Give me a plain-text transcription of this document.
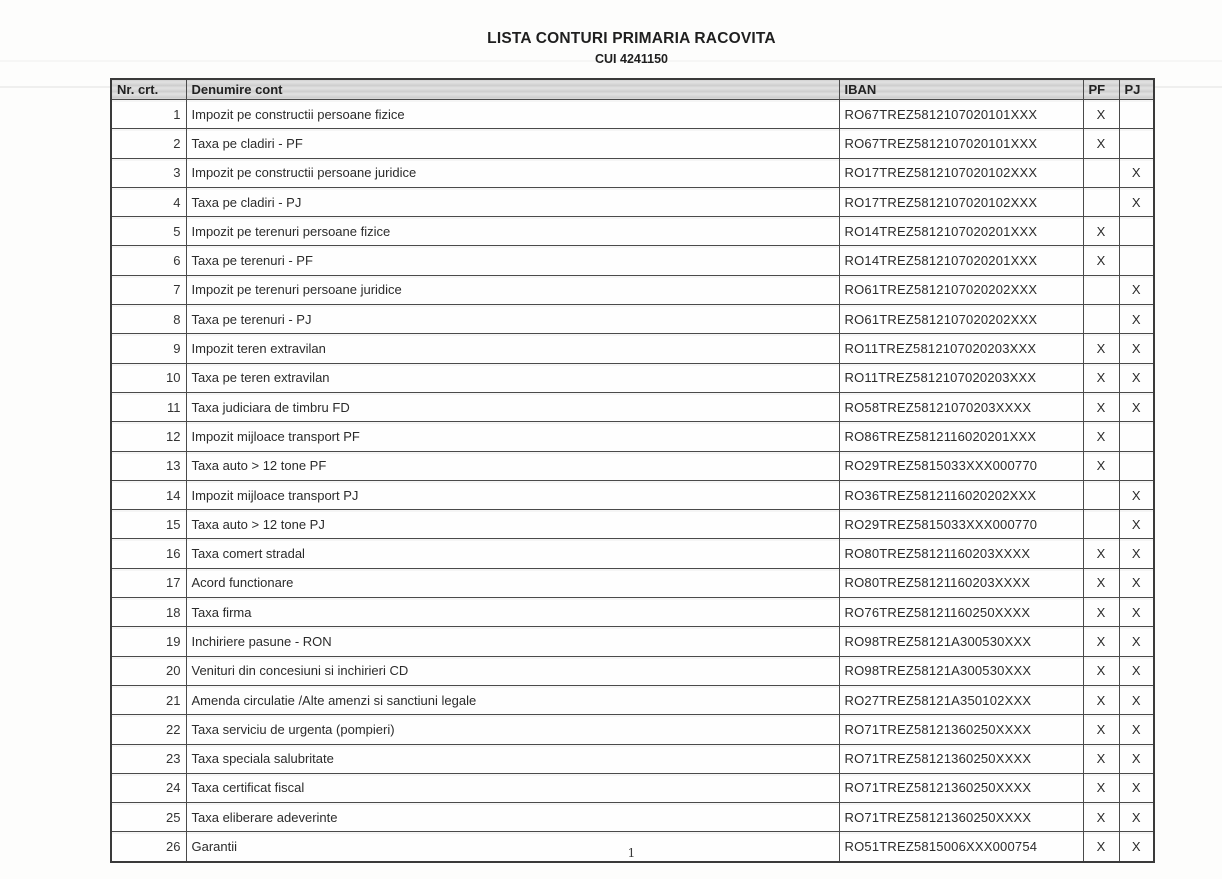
LISTA CONTURI PRIMARIA RACOVITA
CUI 4241150
Nr. crt.	Denumire cont	IBAN	PF	PJ
1	Impozit pe constructii persoane fizice	RO67TREZ5812107020101XXX	X	
2	Taxa pe cladiri - PF	RO67TREZ5812107020101XXX	X	
3	Impozit pe constructii persoane juridice	RO17TREZ5812107020102XXX		X
4	Taxa pe cladiri - PJ	RO17TREZ5812107020102XXX		X
5	Impozit pe terenuri persoane fizice	RO14TREZ5812107020201XXX	X	
6	Taxa pe terenuri - PF	RO14TREZ5812107020201XXX	X	
7	Impozit pe terenuri persoane juridice	RO61TREZ5812107020202XXX		X
8	Taxa pe terenuri - PJ	RO61TREZ5812107020202XXX		X
9	Impozit teren extravilan	RO11TREZ5812107020203XXX	X	X
10	Taxa pe teren extravilan	RO11TREZ5812107020203XXX	X	X
11	Taxa judiciara de timbru FD	RO58TREZ58121070203XXXX	X	X
12	Impozit mijloace transport PF	RO86TREZ5812116020201XXX	X	
13	Taxa auto > 12 tone PF	RO29TREZ5815033XXX000770	X	
14	Impozit mijloace transport PJ	RO36TREZ5812116020202XXX		X
15	Taxa auto > 12 tone PJ	RO29TREZ5815033XXX000770		X
16	Taxa comert stradal	RO80TREZ58121160203XXXX	X	X
17	Acord functionare	RO80TREZ58121160203XXXX	X	X
18	Taxa firma	RO76TREZ58121160250XXXX	X	X
19	Inchiriere pasune - RON	RO98TREZ58121A300530XXX	X	X
20	Venituri din concesiuni si inchirieri CD	RO98TREZ58121A300530XXX	X	X
21	Amenda circulatie /Alte amenzi si sanctiuni legale	RO27TREZ58121A350102XXX	X	X
22	Taxa serviciu de urgenta (pompieri)	RO71TREZ58121360250XXXX	X	X
23	Taxa speciala salubritate	RO71TREZ58121360250XXXX	X	X
24	Taxa certificat fiscal	RO71TREZ58121360250XXXX	X	X
25	Taxa eliberare adeverinte	RO71TREZ58121360250XXXX	X	X
26	Garantii	RO51TREZ5815006XXX000754	X	X
1
